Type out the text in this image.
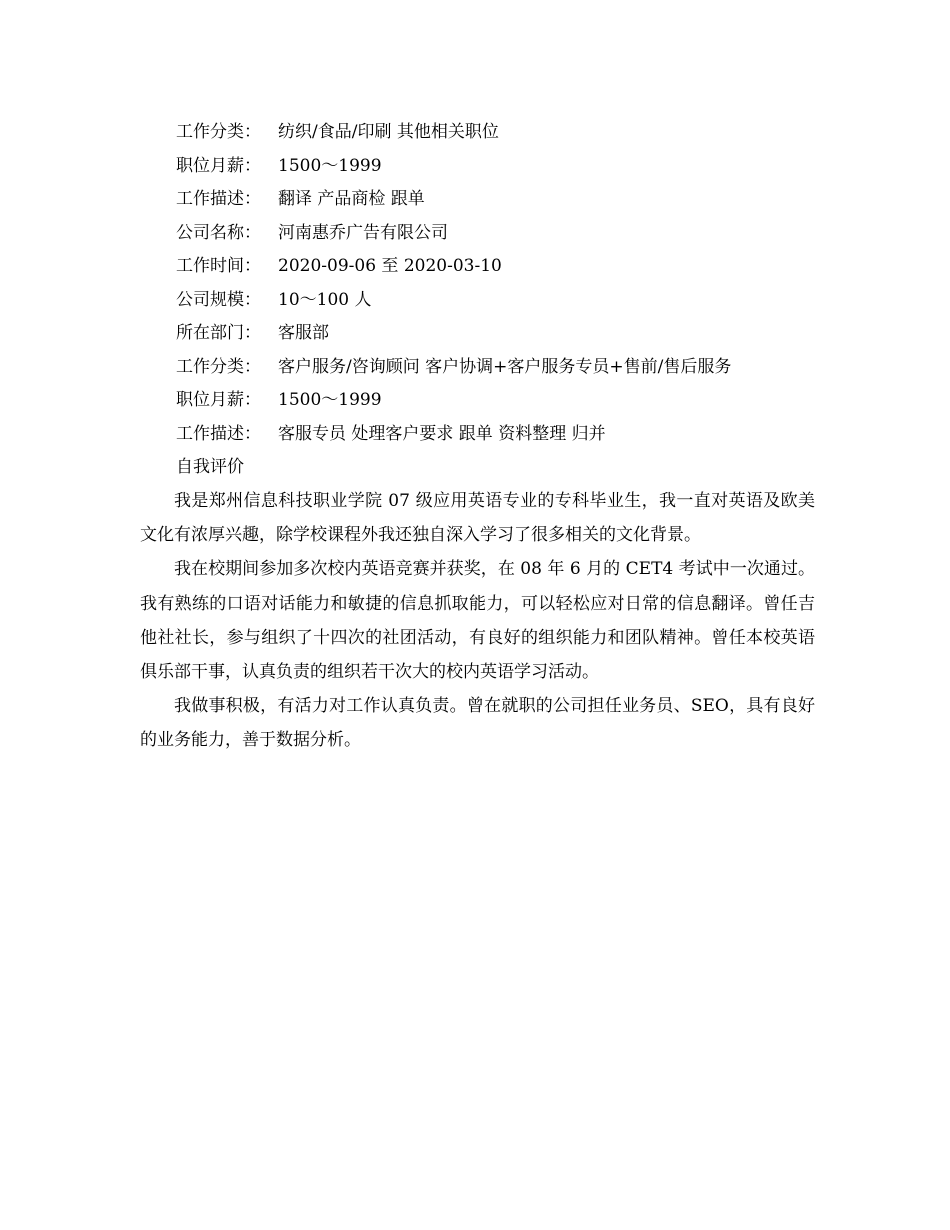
工作分类：	纺织/食品/印刷 其他相关职位
职位月薪：	1500～1999
工作描述：	翻译 产品商检 跟单
公司名称：	河南惠乔广告有限公司
工作时间：	2020-09-06 至 2020-03-10
公司规模：	10～100 人
所在部门：	客服部
工作分类：	客户服务/咨询顾问 客户协调+客户服务专员+售前/售后服务
职位月薪：	1500～1999
工作描述：	客服专员 处理客户要求 跟单 资料整理 归并
自我评价

我是郑州信息科技职业学院 07 级应用英语专业的专科毕业生，我一直对英语及欧美文化有浓厚兴趣，除学校课程外我还独自深入学习了很多相关的文化背景。

我在校期间参加多次校内英语竞赛并获奖，在 08 年 6 月的 CET4 考试中一次通过。我有熟练的口语对话能力和敏捷的信息抓取能力，可以轻松应对日常的信息翻译。曾任吉他社社长，参与组织了十四次的社团活动，有良好的组织能力和团队精神。曾任本校英语俱乐部干事，认真负责的组织若干次大的校内英语学习活动。

我做事积极，有活力对工作认真负责。曾在就职的公司担任业务员、SEO，具有良好的业务能力，善于数据分析。
